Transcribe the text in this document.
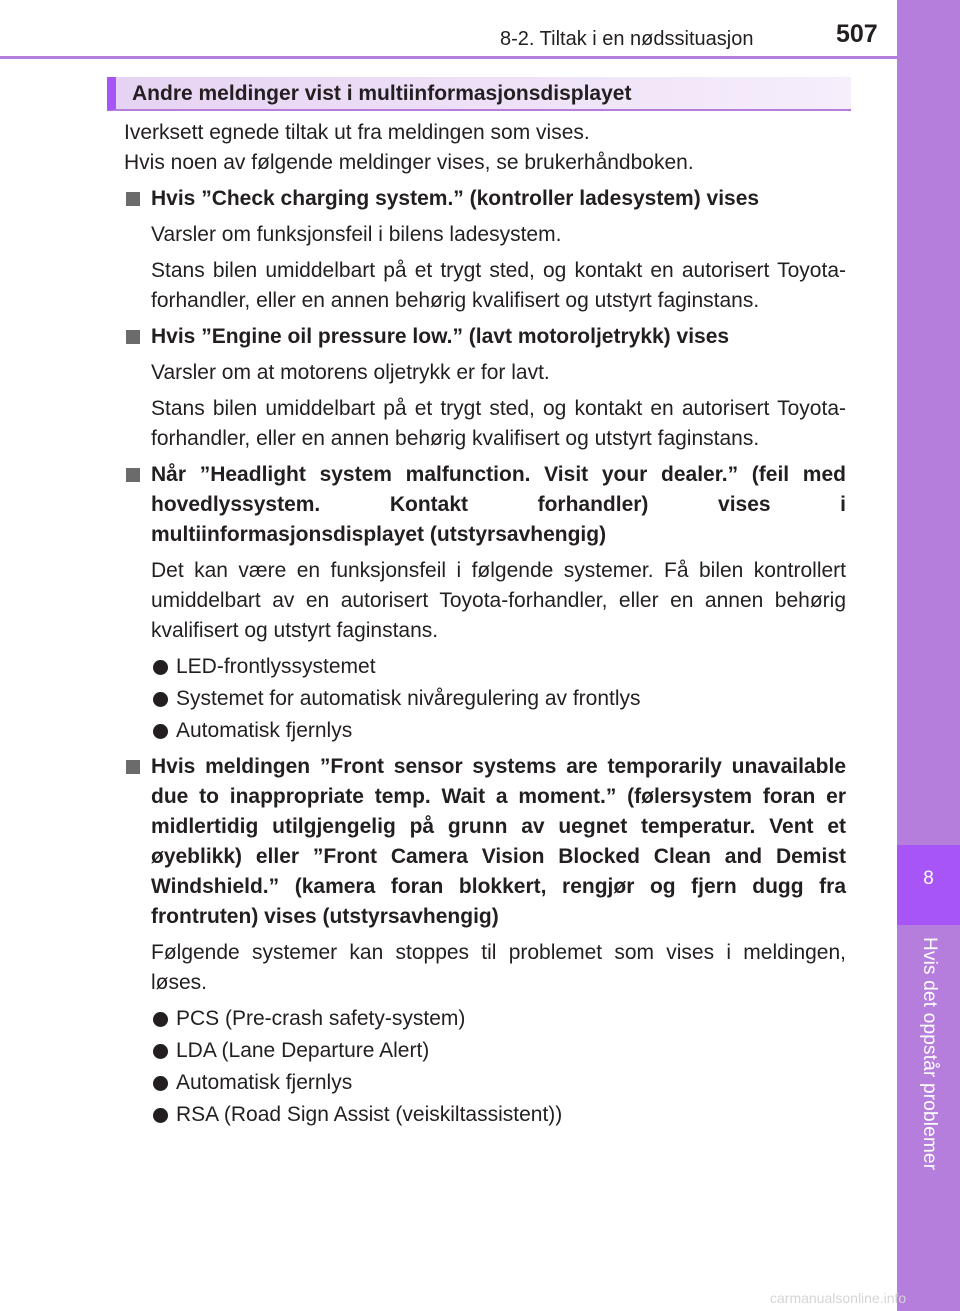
8-2. Tiltak i en nødssituasjon	507
8
Hvis det oppstår problemer
Andre meldinger vist i multiinformasjonsdisplayet

Iverksett egnede tiltak ut fra meldingen som vises.

Hvis noen av følgende meldinger vises, se brukerhåndboken.

Hvis ”Check charging system.” (kontroller ladesystem) vises

Varsler om funksjonsfeil i bilens ladesystem.

Stans bilen umiddelbart på et trygt sted, og kontakt en autorisert Toyota-forhandler, eller en annen behørig kvalifisert og utstyrt faginstans.

Hvis ”Engine oil pressure low.” (lavt motoroljetrykk) vises

Varsler om at motorens oljetrykk er for lavt.

Stans bilen umiddelbart på et trygt sted, og kontakt en autorisert Toyota-forhandler, eller en annen behørig kvalifisert og utstyrt faginstans.

Når ”Headlight system malfunction. Visit your dealer.” (feil med hovedlyssystem. Kontakt forhandler) vises i multiinformasjonsdisplayet (utstyrsavhengig)

Det kan være en funksjonsfeil i følgende systemer. Få bilen kontrollert umiddelbart av en autorisert Toyota-forhandler, eller en annen behørig kvalifisert og utstyrt faginstans.

LED-frontlyssystemet
Systemet for automatisk nivåregulering av frontlys
Automatisk fjernlys
Hvis meldingen ”Front sensor systems are temporarily unavailable due to inappropriate temp. Wait a moment.” (følersystem foran er midlertidig utilgjengelig på grunn av uegnet temperatur. Vent et øyeblikk) eller ”Front Camera Vision Blocked Clean and Demist Windshield.” (kamera foran blokkert, rengjør og fjern dugg fra frontruten) vises (utstyrsavhengig)

Følgende systemer kan stoppes til problemet som vises i meldingen, løses.

PCS (Pre-crash safety-system)
LDA (Lane Departure Alert)
Automatisk fjernlys
RSA (Road Sign Assist (veiskiltassistent))
carmanualsonline.info
